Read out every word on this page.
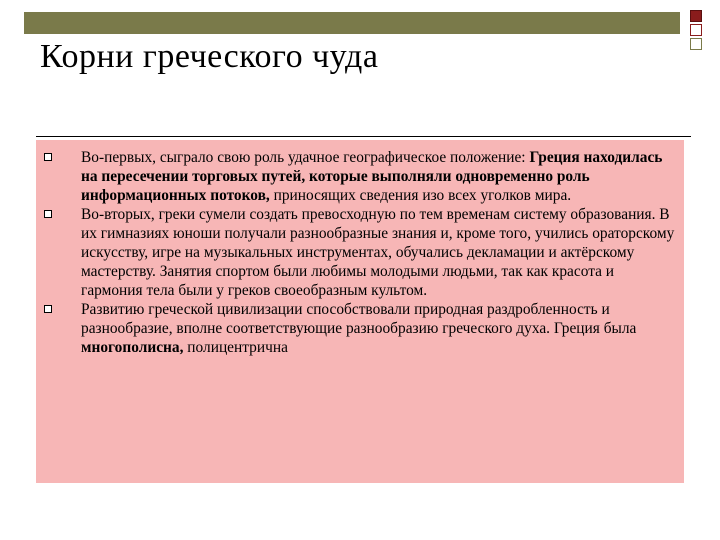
Корни греческого чуда
Во-первых, сыграло свою роль удачное географическое положение: Греция находилась на пересечении торговых путей, которые выполняли одновременно роль информационных потоков, приносящих сведения изо всех уголков мира.
Во-вторых, греки сумели создать превосходную по тем временам систему образования. В их гимназиях юноши получали разнообразные знания и, кроме того, учились ораторскому искусству, игре на музыкальных инструментах, обучались декламации и актёрскому мастерству. Занятия спортом были любимы молодыми людьми, так как красота и гармония тела были у греков своеобразным культом.
Развитию греческой цивилизации способствовали природная раздробленность и разнообразие, вполне соответствующие разнообразию греческого духа. Греция была многополисна, полицентрична
